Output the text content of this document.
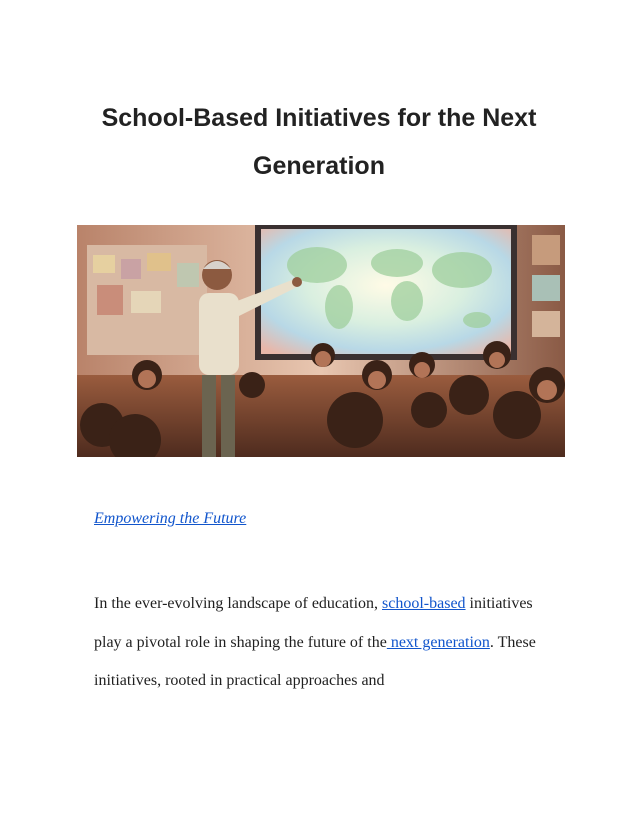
School-Based Initiatives for the Next Generation
Empowering the Future

In the ever-evolving landscape of education, school-based initiatives play a pivotal role in shaping the future of the next generation. These initiatives, rooted in practical approaches and
